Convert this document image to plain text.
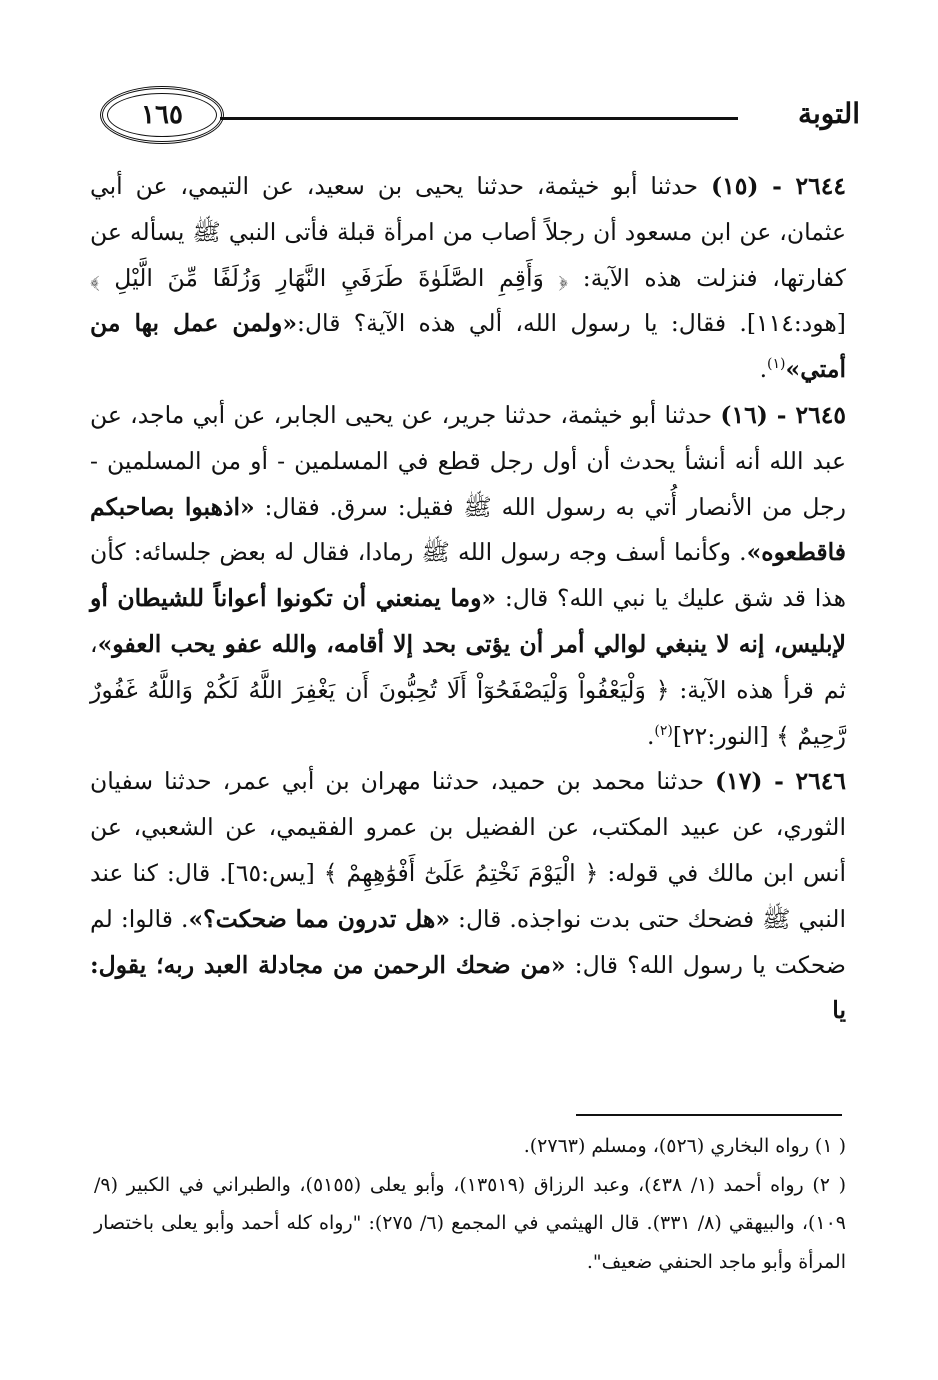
التوبة
١٦٥

٢٦٤٤ - (١٥) حدثنا أبو خيثمة، حدثنا يحيى بن سعيد، عن التيمي، عن أبي عثمان، عن ابن مسعود أن رجلاً أصاب من امرأة قبلة فأتى النبي ﷺ يسأله عن كفارتها، فنزلت هذه الآية: ﴿ وَأَقِمِ الصَّلَوٰةَ طَرَفَيِ النَّهَارِ وَزُلَفًا مِّنَ الَّيْلِ ﴾ [هود:١١٤]. فقال: يا رسول الله، ألي هذه الآية؟ قال:«ولمن عمل بها من أمتي»$^{(١)}$.

٢٦٤٥ - (١٦) حدثنا أبو خيثمة، حدثنا جرير، عن يحيى الجابر، عن أبي ماجد، عن عبد الله أنه أنشأ يحدث أن أول رجل قطع في المسلمين - أو من المسلمين - رجل من الأنصار أُتي به رسول الله ﷺ فقيل: سرق. فقال: «اذهبوا بصاحبكم فاقطعوه». وكأنما أسف وجه رسول الله ﷺ رمادا، فقال له بعض جلسائه: كأن هذا قد شق عليك يا نبي الله؟ قال: «وما يمنعني أن تكونوا أعواناً للشيطان أو لإبليس، إنه لا ينبغي لوالي أمر أن يؤتى بحد إلا أقامه، والله عفو يحب العفو»، ثم قرأ هذه الآية: ﴿ وَلْيَعْفُواْ وَلْيَصْفَحُوٓاْ أَلَا تُحِبُّونَ أَن يَغْفِرَ اللَّهُ لَكُمْ وَاللَّهُ غَفُورٌ رَّحِيمٌ ﴾ [النور:٢٢]$^{(٢)}$.

٢٦٤٦ - (١٧) حدثنا محمد بن حميد، حدثنا مهران بن أبي عمر، حدثنا سفيان الثوري، عن عبيد المكتب، عن الفضيل بن عمرو الفقيمي، عن الشعبي، عن أنس ابن مالك في قوله: ﴿ الْيَوْمَ نَخْتِمُ عَلَىٰٓ أَفْوَٰهِهِمْ ﴾ [يس:٦٥]. قال: كنا عند النبي ﷺ فضحك حتى بدت نواجذه. قال: «هل تدرون مما ضحكت؟». قالوا: لم ضحكت يا رسول الله؟ قال: «من ضحك الرحمن من مجادلة العبد ربه؛ يقول: يا

( ١) رواه البخاري (٥٢٦)، ومسلم (٢٧٦٣).

( ٢) رواه أحمد (١/ ٤٣٨)، وعبد الرزاق (١٣٥١٩)، وأبو يعلى (٥١٥٥)، والطبراني في الكبير (٩/ ١٠٩)، والبيهقي (٨/ ٣٣١). قال الهيثمي في المجمع (٦/ ٢٧٥): "رواه كله أحمد وأبو يعلى باختصار المرأة وأبو ماجد الحنفي ضعيف".
